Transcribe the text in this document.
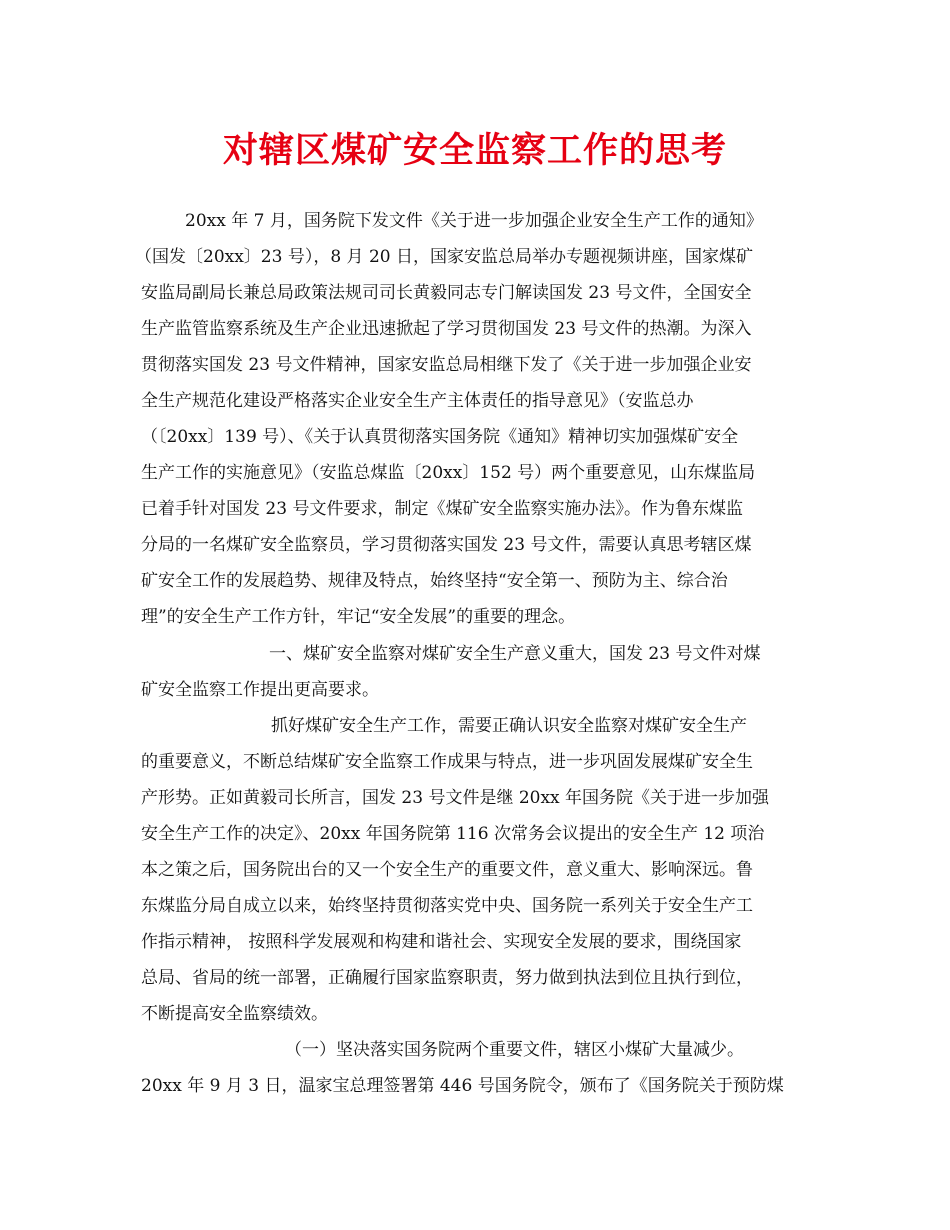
对辖区煤矿安全监察工作的思考

20xx 年 7 月，国务院下发文件《关于进一步加强企业安全生产工作的通知》

（国发〔20xx〕23 号），8 月 20 日，国家安监总局举办专题视频讲座，国家煤矿

安监局副局长兼总局政策法规司司长黄毅同志专门解读国发 23 号文件，全国安全

生产监管监察系统及生产企业迅速掀起了学习贯彻国发 23 号文件的热潮。为深入

贯彻落实国发 23 号文件精神，国家安监总局相继下发了《关于进一步加强企业安

全生产规范化建设严格落实企业安全生产主体责任的指导意见》（安监总办

（〔20xx〕139 号）、《关于认真贯彻落实国务院《通知》精神切实加强煤矿安全

生产工作的实施意见》（安监总煤监〔20xx〕152 号）两个重要意见，山东煤监局

已着手针对国发 23 号文件要求，制定《煤矿安全监察实施办法》。作为鲁东煤监

分局的一名煤矿安全监察员，学习贯彻落实国发 23 号文件，需要认真思考辖区煤

矿安全工作的发展趋势、规律及特点，始终坚持“安全第一、预防为主、综合治

理”的安全生产工作方针，牢记“安全发展”的重要的理念。

一、煤矿安全监察对煤矿安全生产意义重大，国发 23 号文件对煤

矿安全监察工作提出更高要求。

抓好煤矿安全生产工作，需要正确认识安全监察对煤矿安全生产

的重要意义，不断总结煤矿安全监察工作成果与特点，进一步巩固发展煤矿安全生

产形势。正如黄毅司长所言，国发 23 号文件是继 20xx 年国务院《关于进一步加强

安全生产工作的决定》、20xx 年国务院第 116 次常务会议提出的安全生产 12 项治

本之策之后，国务院出台的又一个安全生产的重要文件，意义重大、影响深远。鲁

东煤监分局自成立以来，始终坚持贯彻落实党中央、国务院一系列关于安全生产工

作指示精神， 按照科学发展观和构建和谐社会、实现安全发展的要求，围绕国家

总局、省局的统一部署，正确履行国家监察职责，努力做到执法到位且执行到位，

不断提高安全监察绩效。

（一）坚决落实国务院两个重要文件，辖区小煤矿大量减少。

20xx 年 9 月 3 日，温家宝总理签署第 446 号国务院令，颁布了《国务院关于预防煤
